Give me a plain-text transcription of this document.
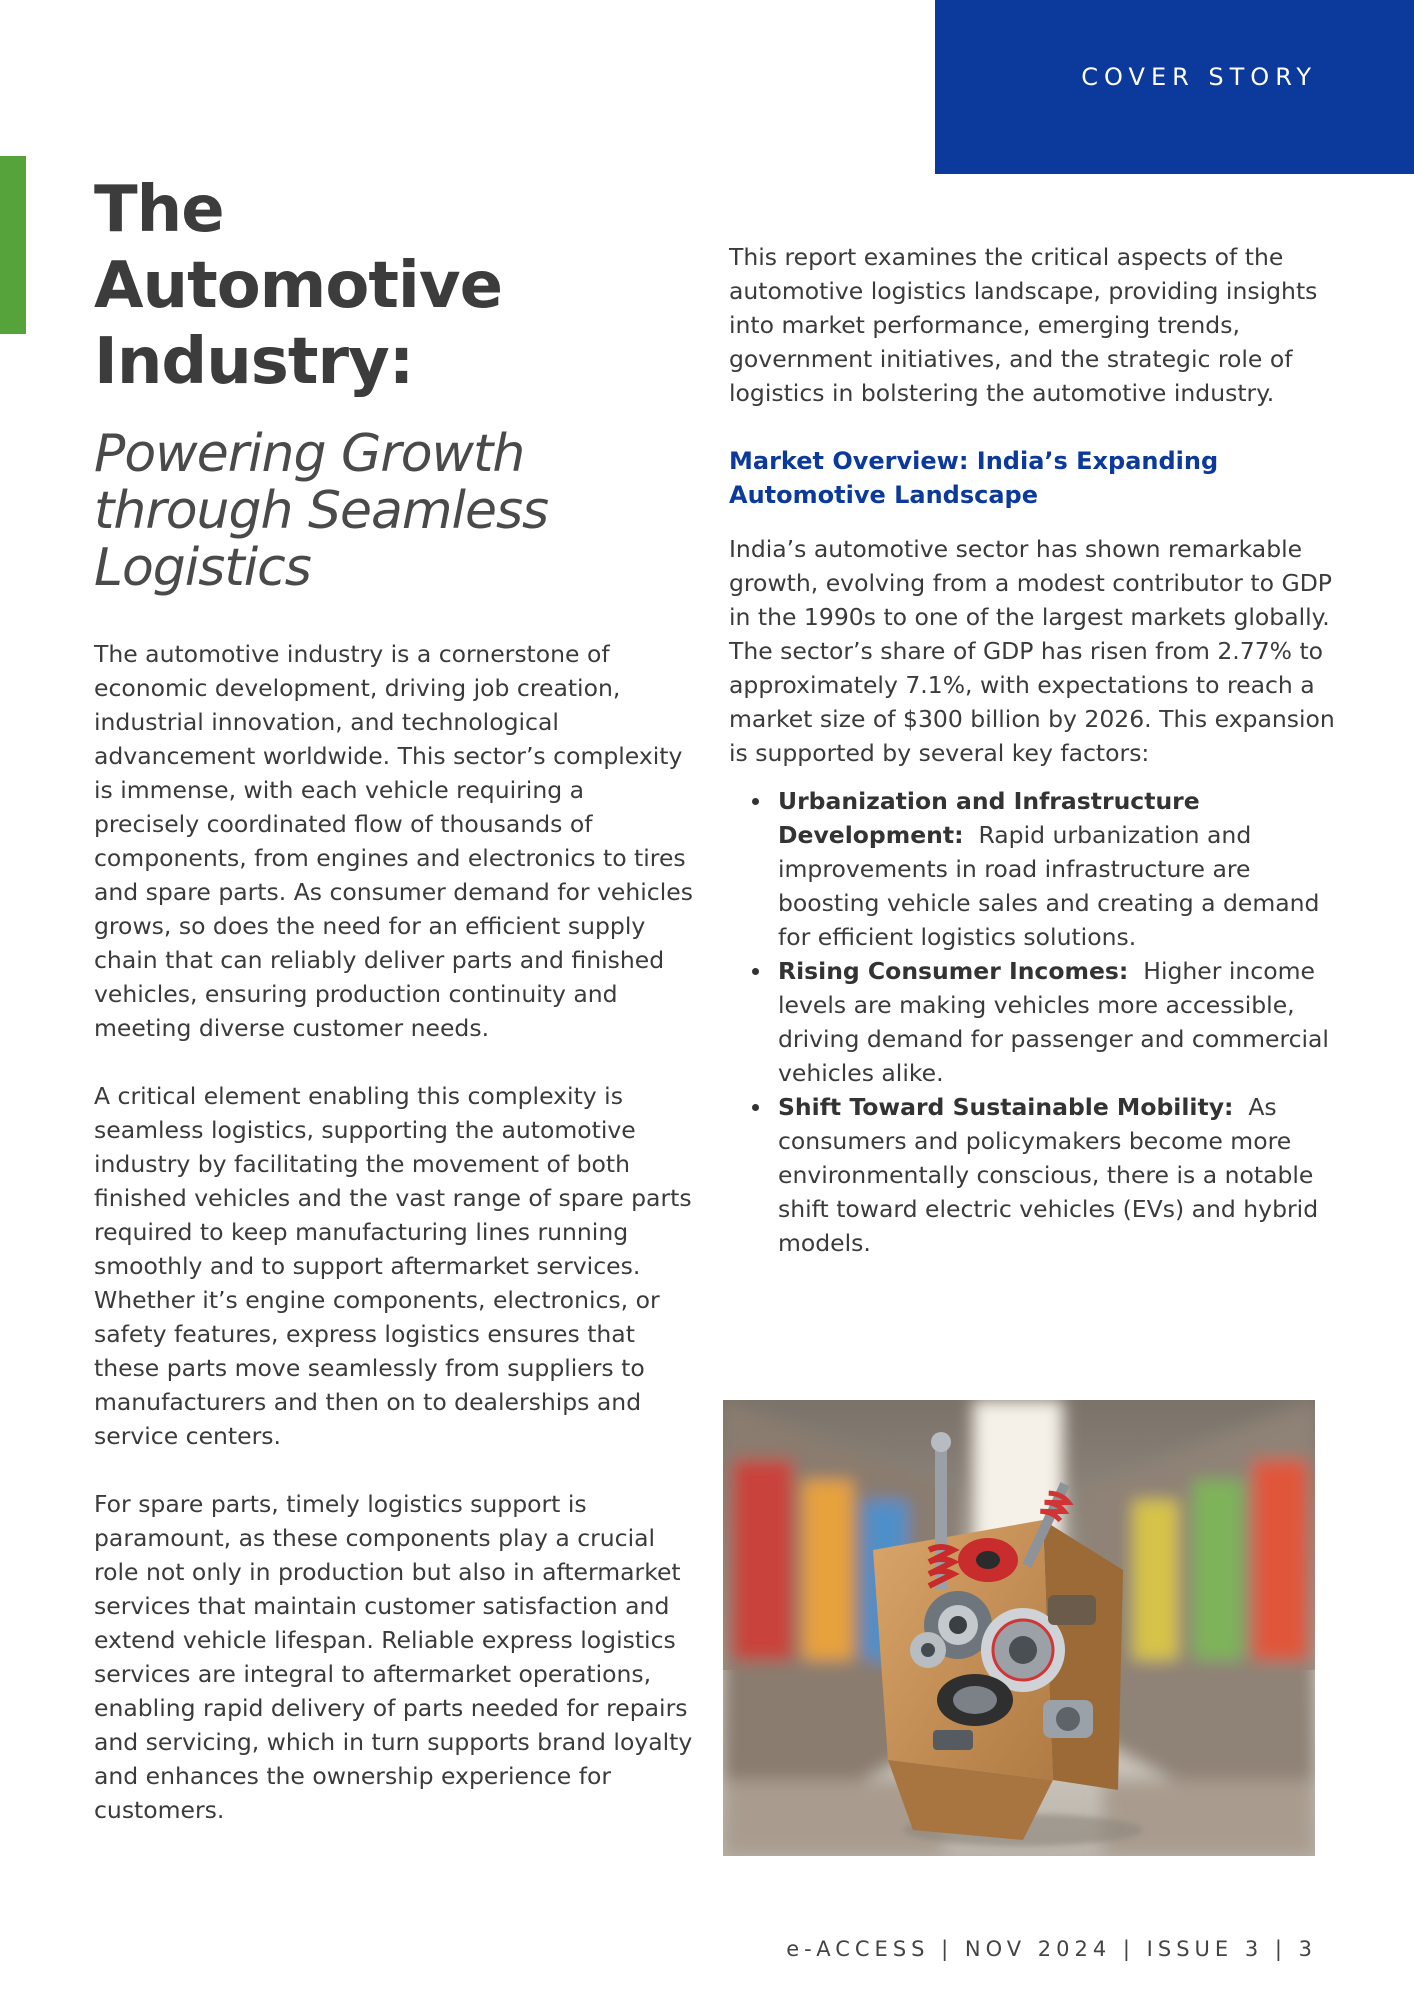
COVER STORY
The Automotive Industry:
Powering Growth through Seamless Logistics

The automotive industry is a cornerstone of economic development, driving job creation, industrial innovation, and technological advancement worldwide. This sector’s complexity is immense, with each vehicle requiring a precisely coordinated flow of thousands of components, from engines and electronics to tires and spare parts. As consumer demand for vehicles grows, so does the need for an efficient supply chain that can reliably deliver parts and finished vehicles, ensuring production continuity and meeting diverse customer needs.

A critical element enabling this complexity is seamless logistics, supporting the automotive industry by facilitating the movement of both finished vehicles and the vast range of spare parts required to keep manufacturing lines running smoothly and to support aftermarket services. Whether it’s engine components, electronics, or safety features, express logistics ensures that these parts move seamlessly from suppliers to manufacturers and then on to dealerships and service centers.

For spare parts, timely logistics support is paramount, as these components play a crucial role not only in production but also in aftermarket services that maintain customer satisfaction and extend vehicle lifespan. Reliable express logistics services are integral to aftermarket operations, enabling rapid delivery of parts needed for repairs and servicing, which in turn supports brand loyalty and enhances the ownership experience for customers.

This report examines the critical aspects of the automotive logistics landscape, providing insights into market performance, emerging trends, government initiatives, and the strategic role of logistics in bolstering the automotive industry.

Market Overview: India’s Expanding Automotive Landscape

India’s automotive sector has shown remarkable growth, evolving from a modest contributor to GDP in the 1990s to one of the largest markets globally. The sector’s share of GDP has risen from 2.77% to approximately 7.1%, with expectations to reach a market size of $300 billion by 2026. This expansion is supported by several key factors:

Urbanization and Infrastructure Development: Rapid urbanization and improvements in road infrastructure are boosting vehicle sales and creating a demand for efficient logistics solutions.
Rising Consumer Incomes: Higher income levels are making vehicles more accessible, driving demand for passenger and commercial vehicles alike.
Shift Toward Sustainable Mobility: As consumers and policymakers become more environmentally conscious, there is a notable shift toward electric vehicles (EVs) and hybrid models.
e-ACCESS | NOV 2024 | ISSUE 3 | 3
